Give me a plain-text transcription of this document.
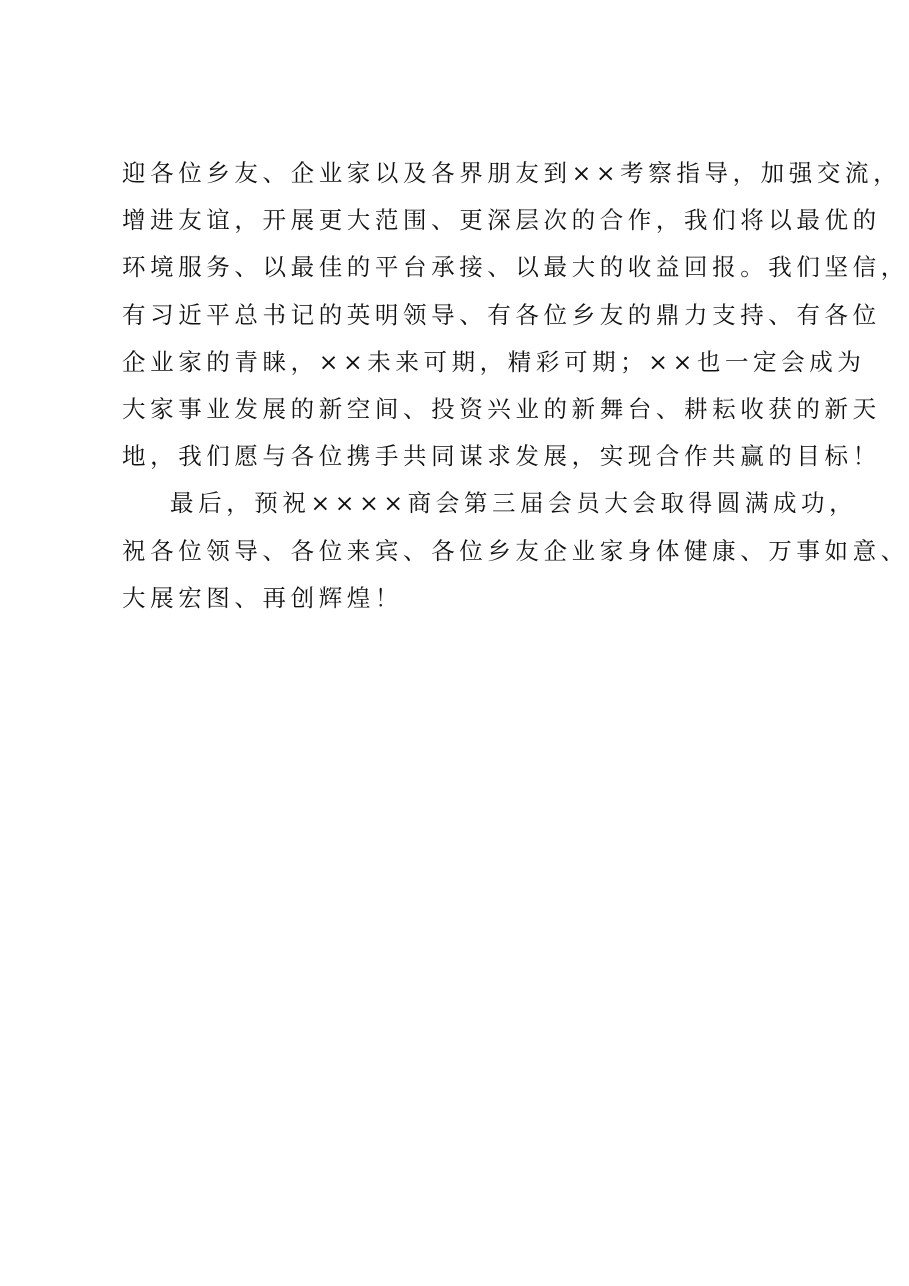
迎各位乡友、企业家以及各界朋友到××考察指导，加强交流，
增进友谊，开展更大范围、更深层次的合作，我们将以最优的
环境服务、以最佳的平台承接、以最大的收益回报。我们坚信，
有习近平总书记的英明领导、有各位乡友的鼎力支持、有各位
企业家的青睐，××未来可期，精彩可期；××也一定会成为
大家事业发展的新空间、投资兴业的新舞台、耕耘收获的新天
地，我们愿与各位携手共同谋求发展，实现合作共赢的目标！
最后，预祝××××商会第三届会员大会取得圆满成功，
祝各位领导、各位来宾、各位乡友企业家身体健康、万事如意、
大展宏图、再创辉煌！
